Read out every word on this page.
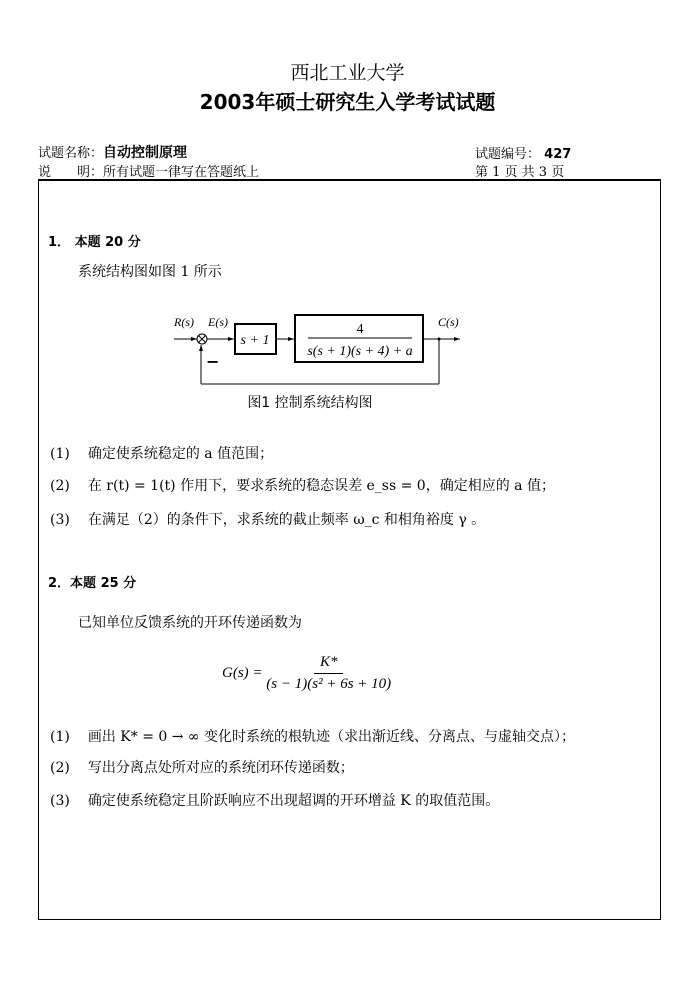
西北工业大学
2003年硕士研究生入学考试试题
试题名称：自动控制原理	试题编号： 427
说　　明：所有试题一律写在答题纸上	第 1 页 共 3 页
1． 本题 20 分
系统结构图如图 1 所示
R(s) E(s)	C(s)
s + 1
4
s(s + 1)(s + 4) + a
−
图1 控制系统结构图
(1) 确定使系统稳定的 a 值范围；
(2) 在 r(t) = 1(t) 作用下，要求系统的稳态误差 e_ss = 0，确定相应的 a 值；
(3) 在满足（2）的条件下，求系统的截止频率 ω_c 和相角裕度 γ 。
2．本题 25 分
已知单位反馈系统的开环传递函数为
$G(s) = \frac{K*}{\text{(s − 1)(s² + 6s + 10)}}$
(1) 画出 K* = 0 → ∞ 变化时系统的根轨迹（求出渐近线、分离点、与虚轴交点）；
(2) 写出分离点处所对应的系统闭环传递函数；
(3) 确定使系统稳定且阶跃响应不出现超调的开环增益 K 的取值范围。
